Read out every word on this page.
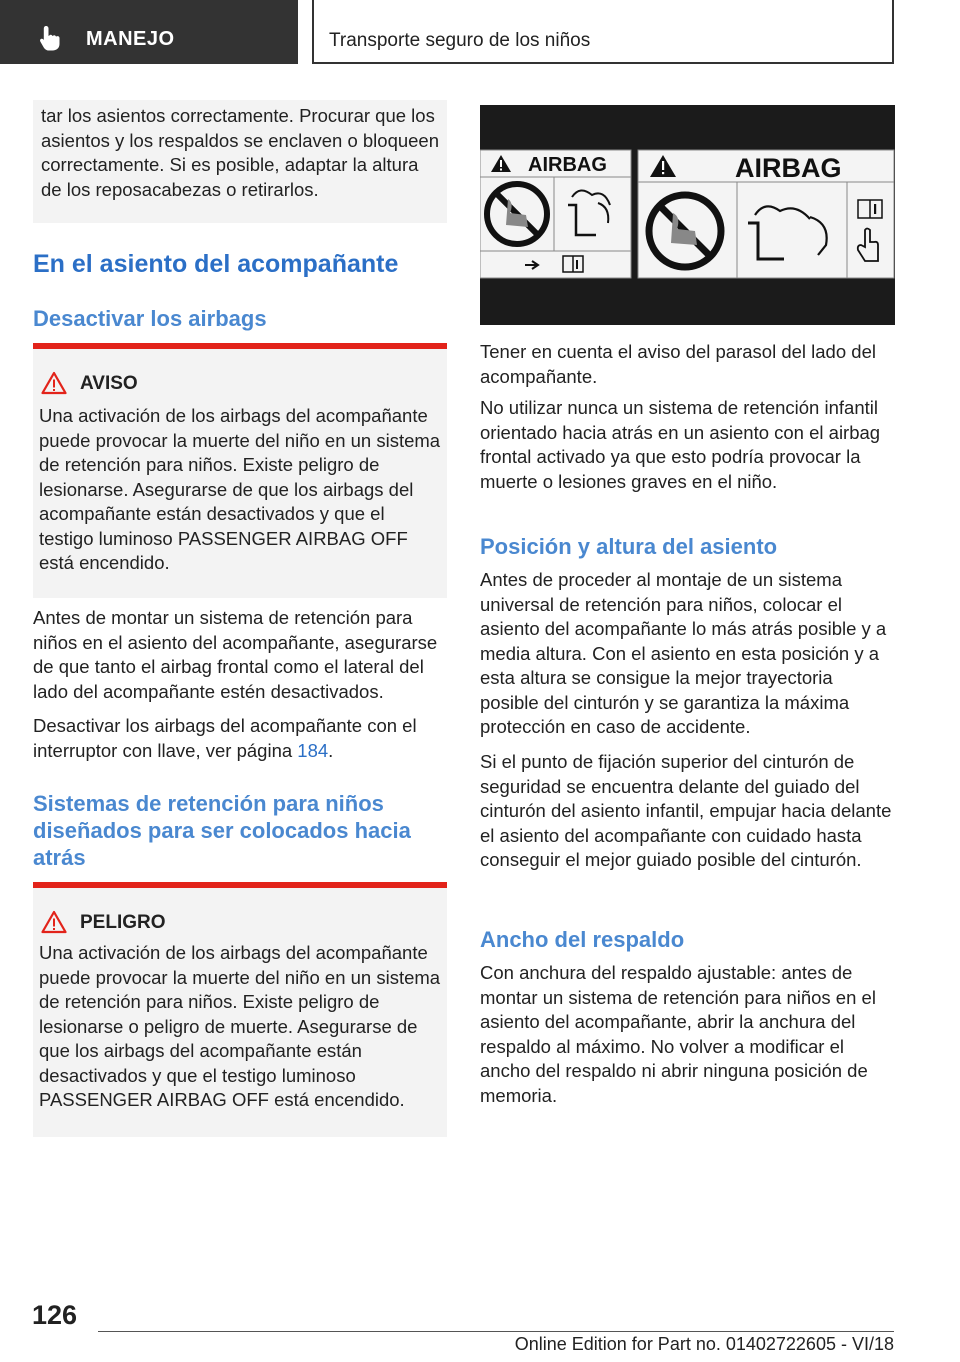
MANEJO	Transporte seguro de los niños

tar los asientos correctamente. Procurar que los asientos y los respaldos se enclaven o bloqueen correctamente. Si es posible, adaptar la altura de los reposacabezas o retirarlos.

En el asiento del acompañante
Desactivar los airbags
AVISO

Una activación de los airbags del acompañante puede provocar la muerte del niño en un sistema de retención para niños. Existe peligro de lesionarse. Asegurarse de que los airbags del acompañante están desactivados y que el testigo luminoso PASSENGER AIRBAG OFF está encendido.

Antes de montar un sistema de retención para niños en el asiento del acompañante, asegurarse de que tanto el airbag frontal como el lateral del lado del acompañante estén desactivados.

Desactivar los airbags del acompañante con el interruptor con llave, ver página 184.

Sistemas de retención para niños diseñados para ser colocados hacia atrás
PELIGRO

Una activación de los airbags del acompañante puede provocar la muerte del niño en un sistema de retención para niños. Existe peligro de lesionarse o peligro de muerte. Asegurarse de que los airbags del acompañante están desactivados y que el testigo luminoso PASSENGER AIRBAG OFF está encendido.

AIRBAG	AIRBAG

Tener en cuenta el aviso del parasol del lado del acompañante.

No utilizar nunca un sistema de retención infantil orientado hacia atrás en un asiento con el airbag frontal activado ya que esto podría provocar la muerte o lesiones graves en el niño.

Posición y altura del asiento

Antes de proceder al montaje de un sistema universal de retención para niños, colocar el asiento del acompañante lo más atrás posible y a media altura. Con el asiento en esta posición y a esta altura se consigue la mejor trayectoria posible del cinturón y se garantiza la máxima protección en caso de accidente.

Si el punto de fijación superior del cinturón de seguridad se encuentra delante del guiado del cinturón del asiento infantil, empujar hacia delante el asiento del acompañante con cuidado hasta conseguir el mejor guiado posible del cinturón.

Ancho del respaldo

Con anchura del respaldo ajustable: antes de montar un sistema de retención para niños en el asiento del acompañante, abrir la anchura del respaldo al máximo. No volver a modificar el ancho del respaldo ni abrir ninguna posición de memoria.

126
Online Edition for Part no. 01402722605 - VI/18
